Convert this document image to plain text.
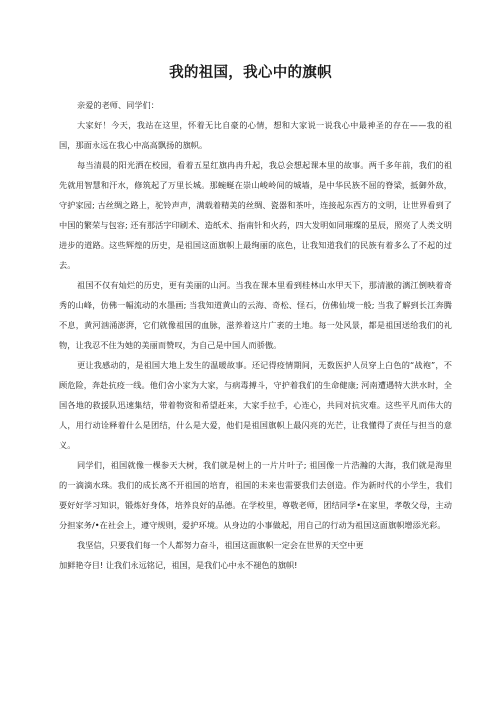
我的祖国，我心中的旗帜

亲爱的老师、同学们：

大家好！今天，我站在这里，怀着无比自豪的心情，想和大家说一说我心中最神圣的存在——我的祖国，那面永远在我心中高高飘扬的旗帜。

每当清晨的阳光洒在校园，看着五星红旗冉冉升起，我总会想起课本里的故事。两千多年前，我们的祖先就用智慧和汗水，修筑起了万里长城。那蜿蜒在崇山峻岭间的城墙，是中华民族不屈的脊梁，抵御外敌，守护家园; 古丝绸之路上，驼铃声声，满载着精美的丝绸、瓷器和茶叶，连接起东西方的文明，让世界看到了中国的繁荣与包容; 还有那活字印刷术、造纸术、指南针和火药，四大发明如同璀璨的星辰，照亮了人类文明进步的道路。这些辉煌的历史，是祖国这面旗帜上最绚丽的底色，让我知道我们的民族有着多么了不起的过去。

祖国不仅有灿烂的历史，更有美丽的山河。当我在课本里看到桂林山水甲天下，那清澈的漓江倒映着奇秀的山峰，仿佛一幅流动的水墨画; 当我知道黄山的云海、奇松、怪石，仿佛仙境一般; 当我了解到长江奔腾不息，黄河汹涌澎湃，它们就像祖国的血脉，滋养着这片广袤的土地。每一处风景，都是祖国送给我们的礼物，让我忍不住为她的美丽而赞叹，为自己是中国人而骄傲。

更让我感动的，是祖国大地上发生的温暖故事。还记得疫情期间，无数医护人员穿上白色的“战袍”，不顾危险，奔赴抗疫一线。他们舍小家为大家，与病毒搏斗，守护着我们的生命健康; 河南遭遇特大洪水时，全国各地的救援队迅速集结，带着物资和希望赶来，大家手拉手，心连心，共同对抗灾难。这些平凡而伟大的人，用行动诠释着什么是团结，什么是大爱，他们是祖国旗帜上最闪亮的光芒，让我懂得了责任与担当的意义。

同学们，祖国就像一棵参天大树，我们就是树上的一片片叶子; 祖国像一片浩瀚的大海，我们就是海里的一滴滴水珠。我们的成长离不开祖国的培育，祖国的未来也需要我们去创造。作为新时代的小学生，我们要好好学习知识，锻炼好身体，培养良好的品德。在学校里，尊敬老师，团结同学•在家里，孝敬父母，主动分担家务/•在社会上，遵守规则，爱护环境。从身边的小事做起，用自己的行动为祖国这面旗帜增添光彩。

我坚信，只要我们每一个人都努力奋斗，祖国这面旗帜一定会在世界的天空中更

加鲜艳夺目! 让我们永远铭记，祖国，是我们心中永不褪色的旗帜!
